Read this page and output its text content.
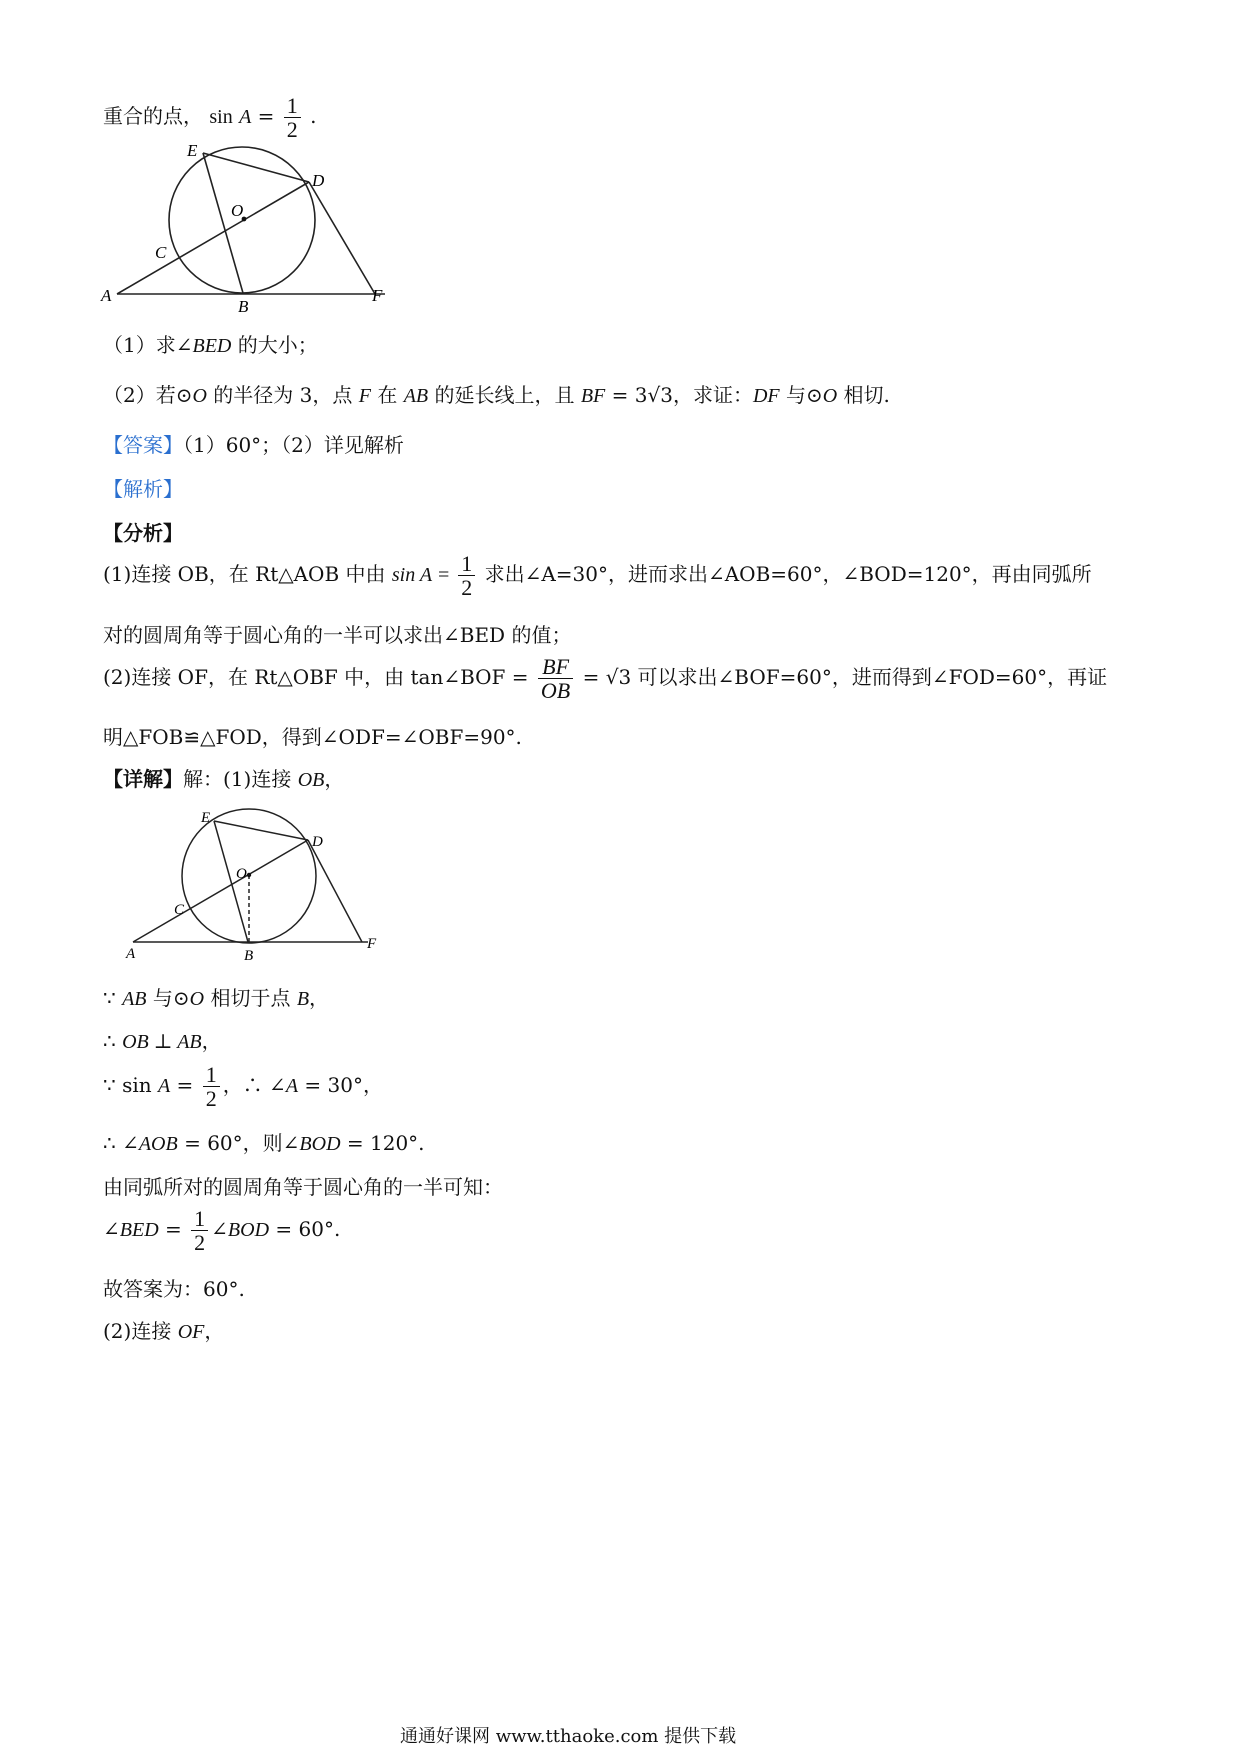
重合的点， $\sin A = \frac{1}{2}$ .
E
D
O
C
A
B
F
（1）求∠BED 的大小；
（2）若⊙O 的半径为 3，点 F 在 AB 的延长线上，且 BF = 3√3，求证：DF 与⊙O 相切.
【答案】（1）60°；（2）详见解析
【解析】
【分析】
(1)连接 OB，在 Rt△AOB 中由 $\sin A = \frac{1}{2}$ 求出∠A=30°，进而求出∠AOB=60°，∠BOD=120°，再由同弧所
对的圆周角等于圆心角的一半可以求出∠BED 的值；
(2)连接 OF，在 Rt△OBF 中，由 tan∠BOF = $\frac{BF}{OB} = √3$ 可以求出∠BOF=60°，进而得到∠FOD=60°，再证
明△FOB≌△FOD，得到∠ODF=∠OBF=90°.
【详解】解：(1)连接 OB，
E
D
O
C
A	B
F
∵ AB 与⊙O 相切于点 B，
∴ OB ⊥ AB，
∵ $\sin A = \frac{1}{2}$ ，∴ ∠A = 30°，
∴ ∠AOB = 60°，则∠BOD = 120°.
由同弧所对的圆周角等于圆心角的一半可知：
∠BED = $\frac{1}{2}$ ∠BOD = 60°.
故答案为：60°.
(2)连接 OF，
通通好课网 www.tthaoke.com 提供下载
